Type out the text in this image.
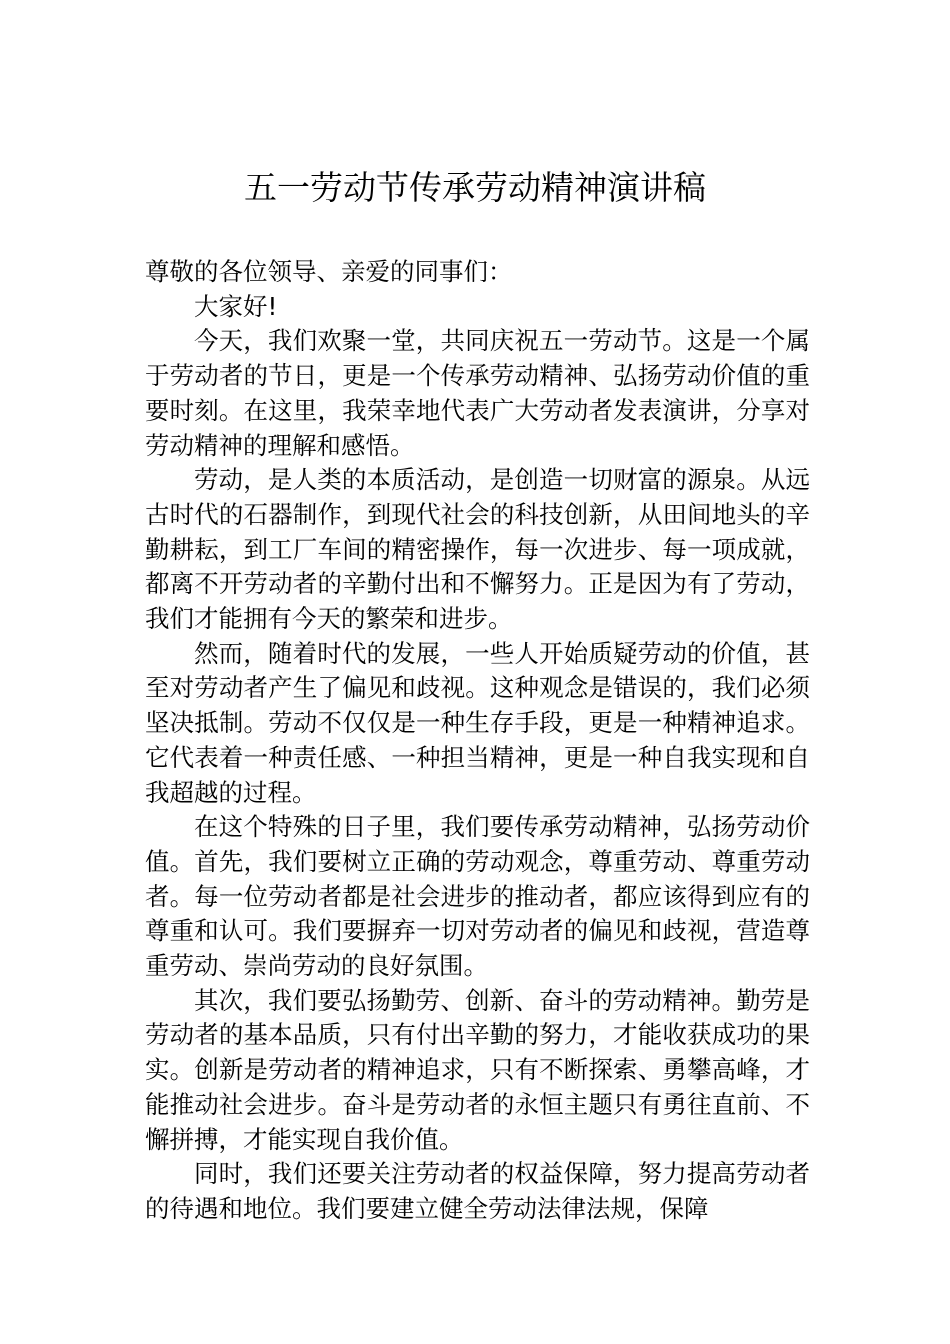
五一劳动节传承劳动精神演讲稿

尊敬的各位领导、亲爱的同事们：

大家好!

今天，我们欢聚一堂，共同庆祝五一劳动节。这是一个属于劳动者的节日，更是一个传承劳动精神、弘扬劳动价值的重要时刻。在这里，我荣幸地代表广大劳动者发表演讲，分享对劳动精神的理解和感悟。

劳动，是人类的本质活动，是创造一切财富的源泉。从远古时代的石器制作，到现代社会的科技创新，从田间地头的辛勤耕耘，到工厂车间的精密操作，每一次进步、每一项成就，都离不开劳动者的辛勤付出和不懈努力。正是因为有了劳动，我们才能拥有今天的繁荣和进步。

然而，随着时代的发展，一些人开始质疑劳动的价值，甚至对劳动者产生了偏见和歧视。这种观念是错误的，我们必须坚决抵制。劳动不仅仅是一种生存手段，更是一种精神追求。它代表着一种责任感、一种担当精神，更是一种自我实现和自我超越的过程。

在这个特殊的日子里，我们要传承劳动精神，弘扬劳动价值。首先，我们要树立正确的劳动观念，尊重劳动、尊重劳动者。每一位劳动者都是社会进步的推动者，都应该得到应有的尊重和认可。我们要摒弃一切对劳动者的偏见和歧视，营造尊重劳动、崇尚劳动的良好氛围。

其次，我们要弘扬勤劳、创新、奋斗的劳动精神。勤劳是劳动者的基本品质，只有付出辛勤的努力，才能收获成功的果实。创新是劳动者的精神追求，只有不断探索、勇攀高峰，才能推动社会进步。奋斗是劳动者的永恒主题只有勇往直前、不懈拼搏，才能实现自我价值。

同时，我们还要关注劳动者的权益保障，努力提高劳动者的待遇和地位。我们要建立健全劳动法律法规，保障
